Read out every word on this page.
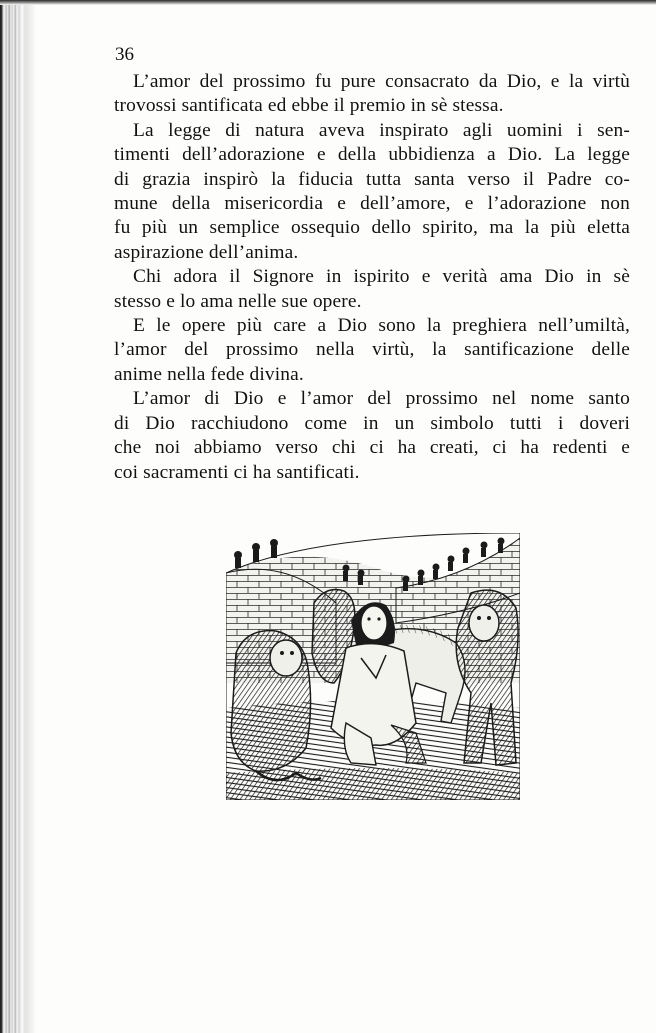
36
L’amor del prossimo fu pure consacrato da Dio, e la virtù
trovossi santificata ed ebbe il premio in sè stessa.
La legge di natura aveva inspirato agli uomini i sen-
timenti dell’adorazione e della ubbidienza a Dio. La legge
di grazia inspirò la fiducia tutta santa verso il Padre co-
mune della misericordia e dell’amore, e l’adorazione non
fu più un semplice ossequio dello spirito, ma la più eletta
aspirazione dell’anima.
Chi adora il Signore in ispirito e verità ama Dio in sè
stesso e lo ama nelle sue opere.
E le opere più care a Dio sono la preghiera nell’umiltà,
l’amor del prossimo nella virtù, la santificazione delle
anime nella fede divina.
L’amor di Dio e l’amor del prossimo nel nome santo
di Dio racchiudono come in un simbolo tutti i doveri
che noi abbiamo verso chi ci ha creati, ci ha redenti e
coi sacramenti ci ha santificati.
